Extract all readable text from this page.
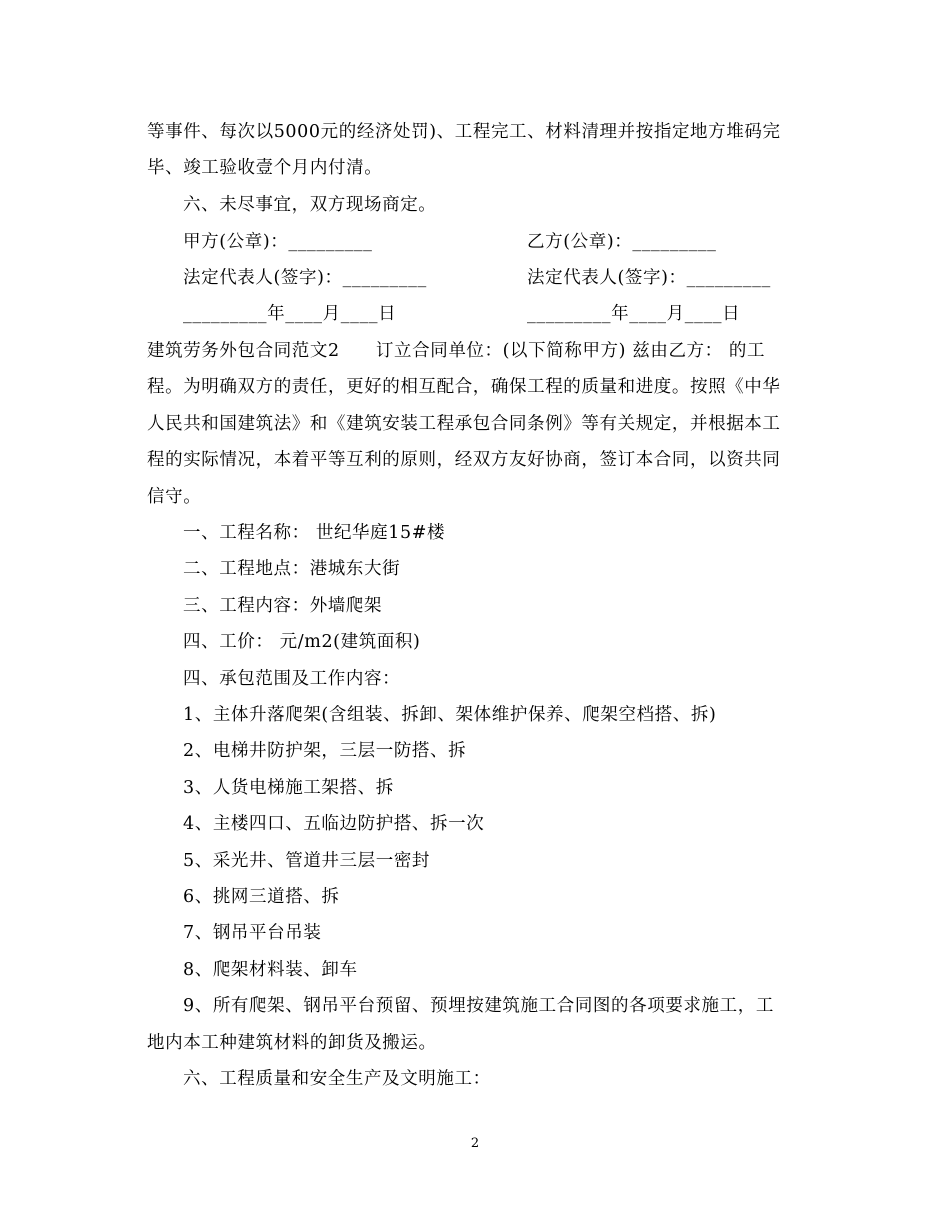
等事件、每次以5000元的经济处罚)、工程完工、材料清理并按指定地方堆码完
毕、竣工验收壹个月内付清。
六、未尽事宜，双方现场商定。
甲方(公章)：_________	乙方(公章)：_________
法定代表人(签字)：_________	法定代表人(签字)：_________
_________年____月____日	_________年____月____日
建筑劳务外包合同范文2　　订立合同单位：(以下简称甲方) 兹由乙方： 的工
程。为明确双方的责任，更好的相互配合，确保工程的质量和进度。按照《中华
人民共和国建筑法》和《建筑安装工程承包合同条例》等有关规定，并根据本工
程的实际情况，本着平等互利的原则，经双方友好协商，签订本合同，以资共同
信守。
一、工程名称： 世纪华庭15#楼
二、工程地点：港城东大街
三、工程内容：外墙爬架
四、工价： 元/m2(建筑面积)
四、承包范围及工作内容：
1、主体升落爬架(含组装、拆卸、架体维护保养、爬架空档搭、拆)
2、电梯井防护架，三层一防搭、拆
3、人货电梯施工架搭、拆
4、主楼四口、五临边防护搭、拆一次
5、采光井、管道井三层一密封
6、挑网三道搭、拆
7、钢吊平台吊装
8、爬架材料装、卸车
9、所有爬架、钢吊平台预留、预埋按建筑施工合同图的各项要求施工，工
地内本工种建筑材料的卸货及搬运。
六、工程质量和安全生产及文明施工：
2
